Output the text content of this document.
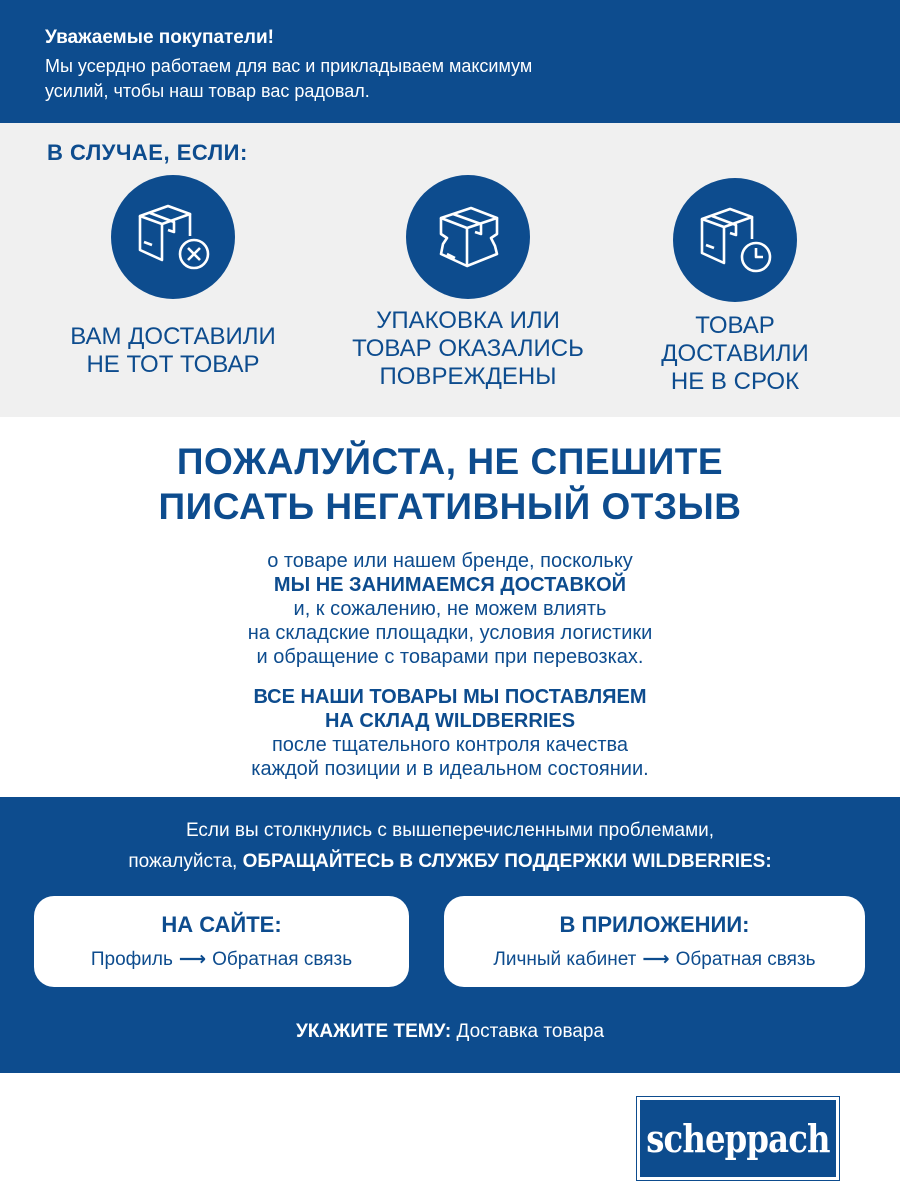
Уважаемые покупатели!
Мы усердно работаем для вас и прикладываем максимум усилий, чтобы наш товар вас радовал.
В СЛУЧАЕ, ЕСЛИ:
ВАМ ДОСТАВИЛИ
НЕ ТОТ ТОВАР
УПАКОВКА ИЛИ
ТОВАР ОКАЗАЛИСЬ
ПОВРЕЖДЕНЫ
ТОВАР
ДОСТАВИЛИ
НЕ В СРОК
ПОЖАЛУЙСТА, НЕ СПЕШИТЕ
ПИСАТЬ НЕГАТИВНЫЙ ОТЗЫВ
о товаре или нашем бренде, поскольку
МЫ НЕ ЗАНИМАЕМСЯ ДОСТАВКОЙ
и, к сожалению, не можем влиять
на складские площадки, условия логистики
и обращение с товарами при перевозках.
ВСЕ НАШИ ТОВАРЫ МЫ ПОСТАВЛЯЕМ
НА СКЛАД WILDBERRIES
после тщательного контроля качества
каждой позиции и в идеальном состоянии.
Если вы столкнулись с вышеперечисленными проблемами,
пожалуйста, ОБРАЩАЙТЕСЬ В СЛУЖБУ ПОДДЕРЖКИ WILDBERRIES:
НА САЙТЕ:
Профиль ⟶ Обратная связь
В ПРИЛОЖЕНИИ:
Личный кабинет ⟶ Обратная связь
УКАЖИТЕ ТЕМУ: Доставка товара
scheppach
